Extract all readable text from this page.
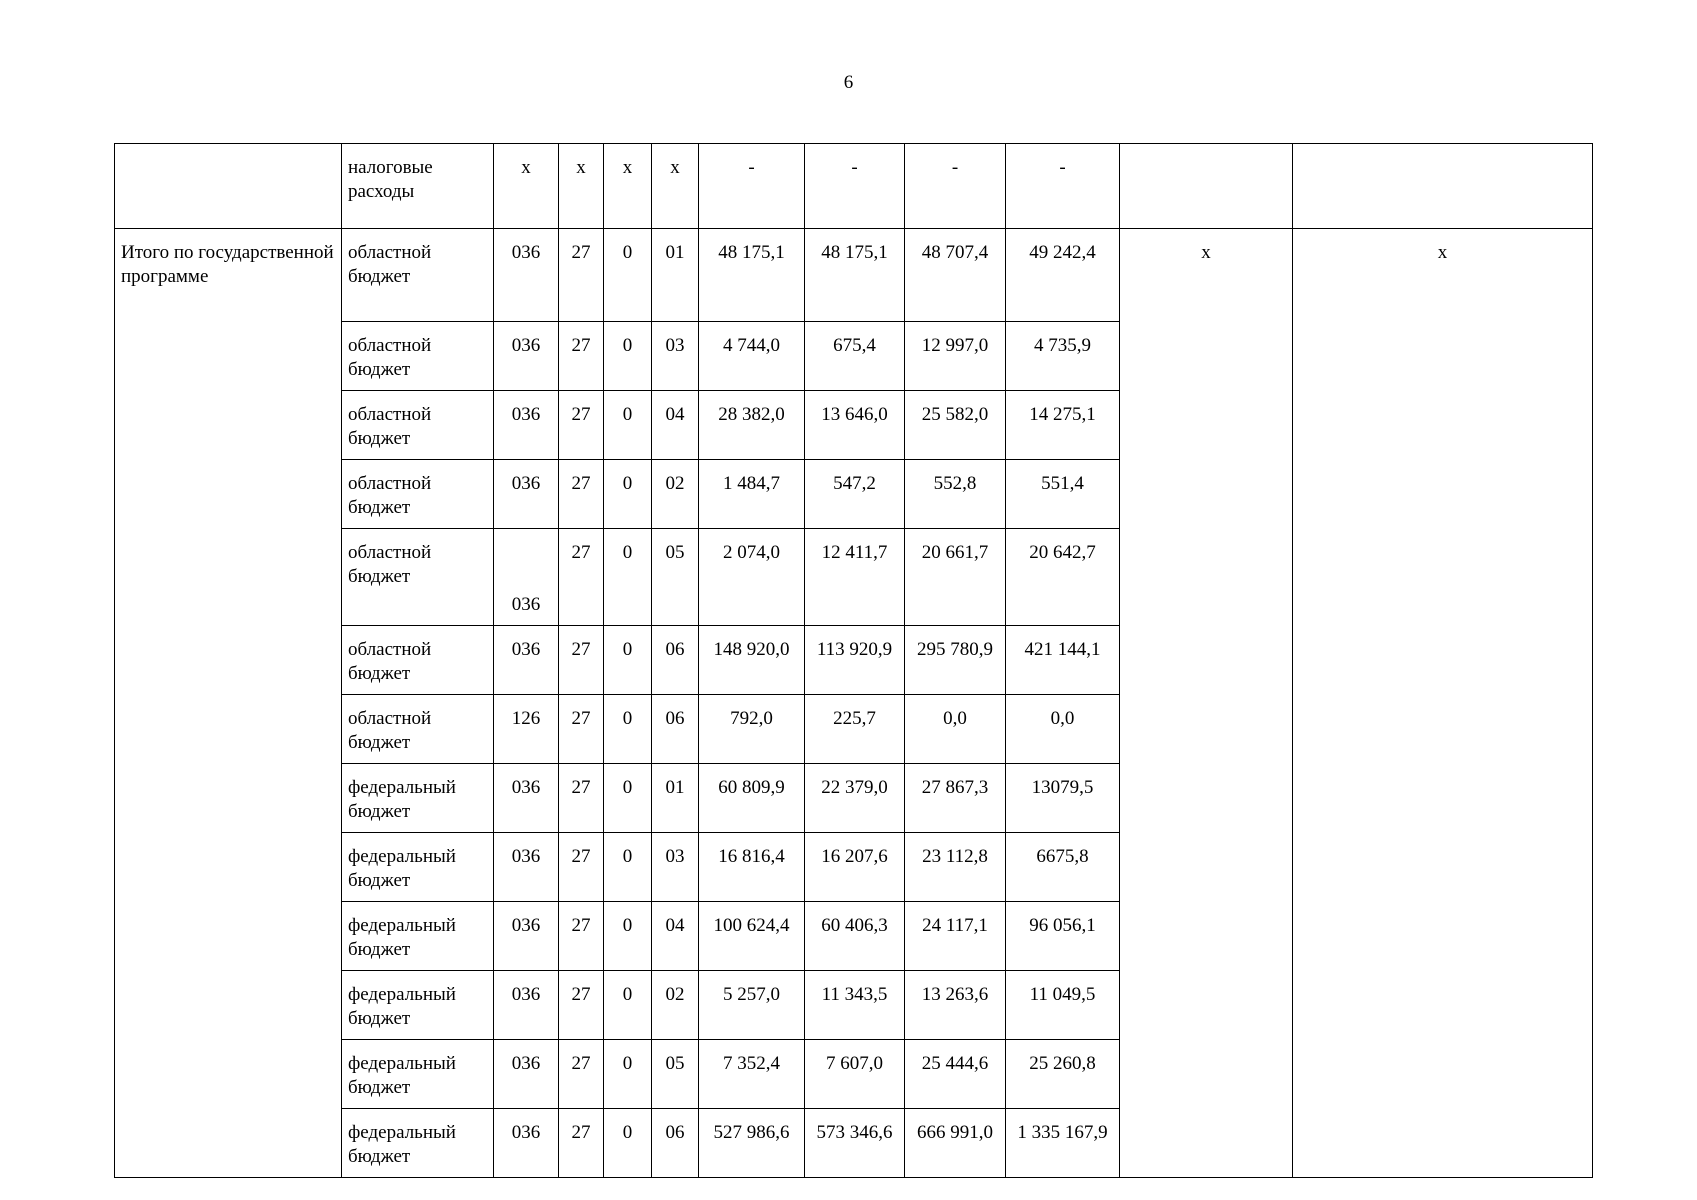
6
	налоговые расходы	х	х	х	х	-	-	-	-		
Итого по государственной программе	областной бюджет	036	27	0	01	48 175,1	48 175,1	48 707,4	49 242,4	х	х
	областной бюджет	036	27	0	03	4 744,0	675,4	12 997,0	4 735,9		
	областной бюджет	036	27	0	04	28 382,0	13 646,0	25 582,0	14 275,1		
	областной бюджет	036	27	0	02	1 484,7	547,2	552,8	551,4		
	областной бюджет	036	27	0	05	2 074,0	12 411,7	20 661,7	20 642,7		
	областной бюджет	036	27	0	06	148 920,0	113 920,9	295 780,9	421 144,1		
	областной бюджет	126	27	0	06	792,0	225,7	0,0	0,0		
	федеральный бюджет	036	27	0	01	60 809,9	22 379,0	27 867,3	13079,5		
	федеральный бюджет	036	27	0	03	16 816,4	16 207,6	23 112,8	6675,8		
	федеральный бюджет	036	27	0	04	100 624,4	60 406,3	24 117,1	96 056,1		
	федеральный бюджет	036	27	0	02	5 257,0	11 343,5	13 263,6	11 049,5		
	федеральный бюджет	036	27	0	05	7 352,4	7 607,0	25 444,6	25 260,8		
	федеральный бюджет	036	27	0	06	527 986,6	573 346,6	666 991,0	1 335 167,9		
